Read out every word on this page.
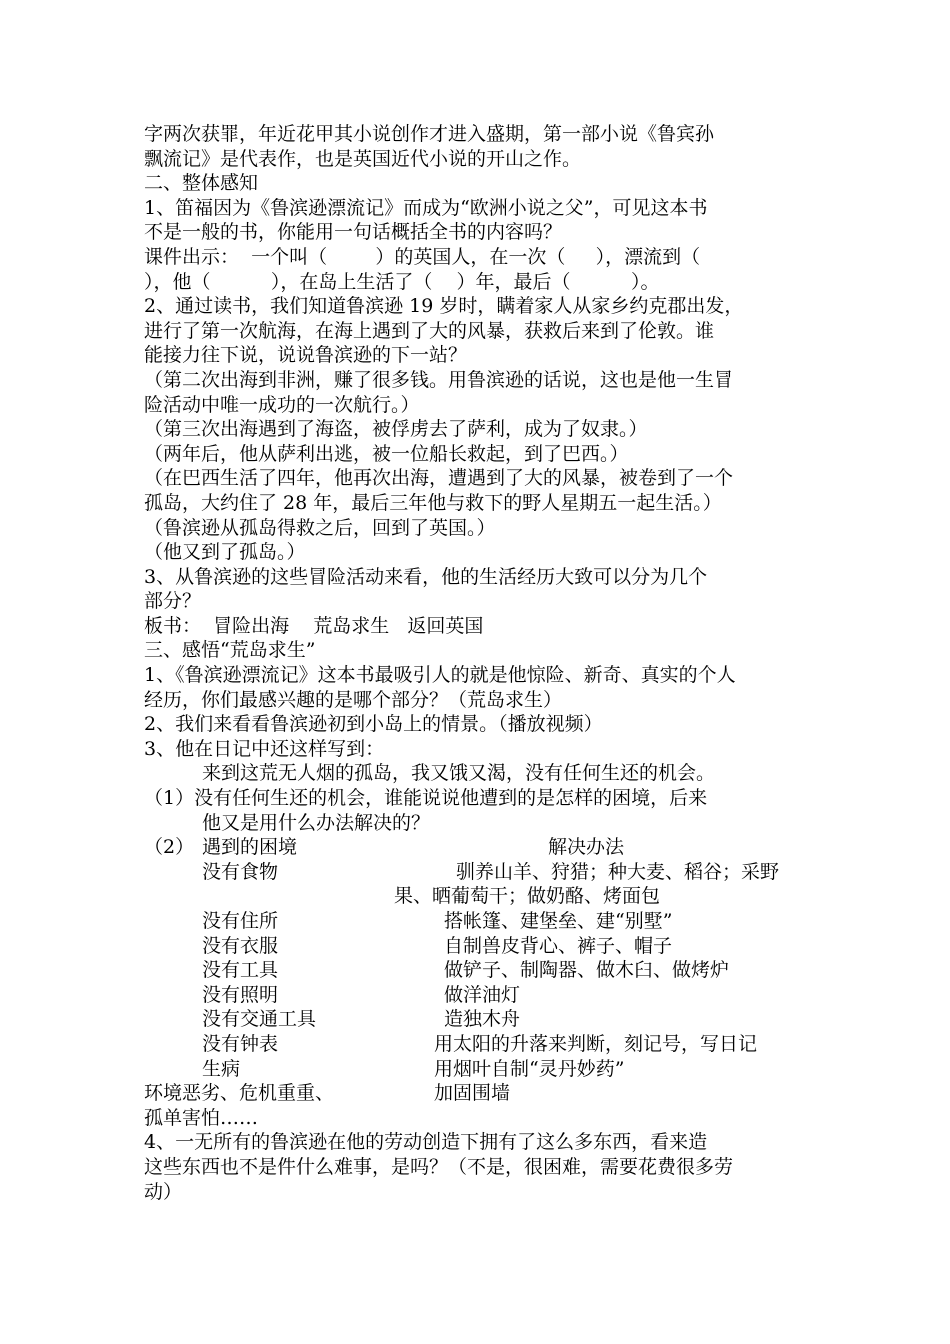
字两次获罪，年近花甲其小说创作才进入盛期，第一部小说《鲁宾孙

飘流记》是代表作，也是英国近代小说的开山之作。

二、整体感知

1、笛福因为《鲁滨逊漂流记》而成为“欧洲小说之父”，可见这本书

不是一般的书，你能用一句话概括全书的内容吗？

课件出示：  一个叫（        ）的英国人，在一次（     ），漂流到（

），他（          ），在岛上生活了（    ）年，最后（          ）。

2、通过读书，我们知道鲁滨逊 19 岁时，瞒着家人从家乡约克郡出发，

进行了第一次航海，在海上遇到了大的风暴，获救后来到了伦敦。谁

能接力往下说，说说鲁滨逊的下一站？

（第二次出海到非洲，赚了很多钱。用鲁滨逊的话说，这也是他一生冒

险活动中唯一成功的一次航行。）

（第三次出海遇到了海盗，被俘虏去了萨利，成为了奴隶。）

（两年后，他从萨利出逃，被一位船长救起，到了巴西。）

（在巴西生活了四年，他再次出海，遭遇到了大的风暴，被卷到了一个

孤岛，大约住了 28 年，最后三年他与救下的野人星期五一起生活。）

（鲁滨逊从孤岛得救之后，回到了英国。）

（他又到了孤岛。）

3、从鲁滨逊的这些冒险活动来看，他的生活经历大致可以分为几个

部分？

板书：  冒险出海    荒岛求生   返回英国

三、感悟“荒岛求生”

1、《鲁滨逊漂流记》这本书最吸引人的就是他惊险、新奇、真实的个人

经历，你们最感兴趣的是哪个部分？（荒岛求生）

2、我们来看看鲁滨逊初到小岛上的情景。（播放视频）

3、他在日记中还这样写到：

来到这荒无人烟的孤岛，我又饿又渴，没有任何生还的机会。

（1）没有任何生还的机会，谁能说说他遭到的是怎样的困境，后来

他又是用什么办法解决的？

（2） 遇到的困境	解决办法
没有食物	驯养山羊、狩猎；种大麦、稻谷；采野
果、晒葡萄干；做奶酪、烤面包
没有住所	搭帐篷、建堡垒、建“别墅”
没有衣服	自制兽皮背心、裤子、帽子
没有工具	做铲子、制陶器、做木臼、做烤炉
没有照明	做洋油灯
没有交通工具	造独木舟
没有钟表	用太阳的升落来判断，刻记号，写日记
生病	用烟叶自制“灵丹妙药”
环境恶劣、危机重重、	加固围墙
孤单害怕……

4、一无所有的鲁滨逊在他的劳动创造下拥有了这么多东西，看来造

这些东西也不是件什么难事，是吗？（不是，很困难，需要花费很多劳

动）
